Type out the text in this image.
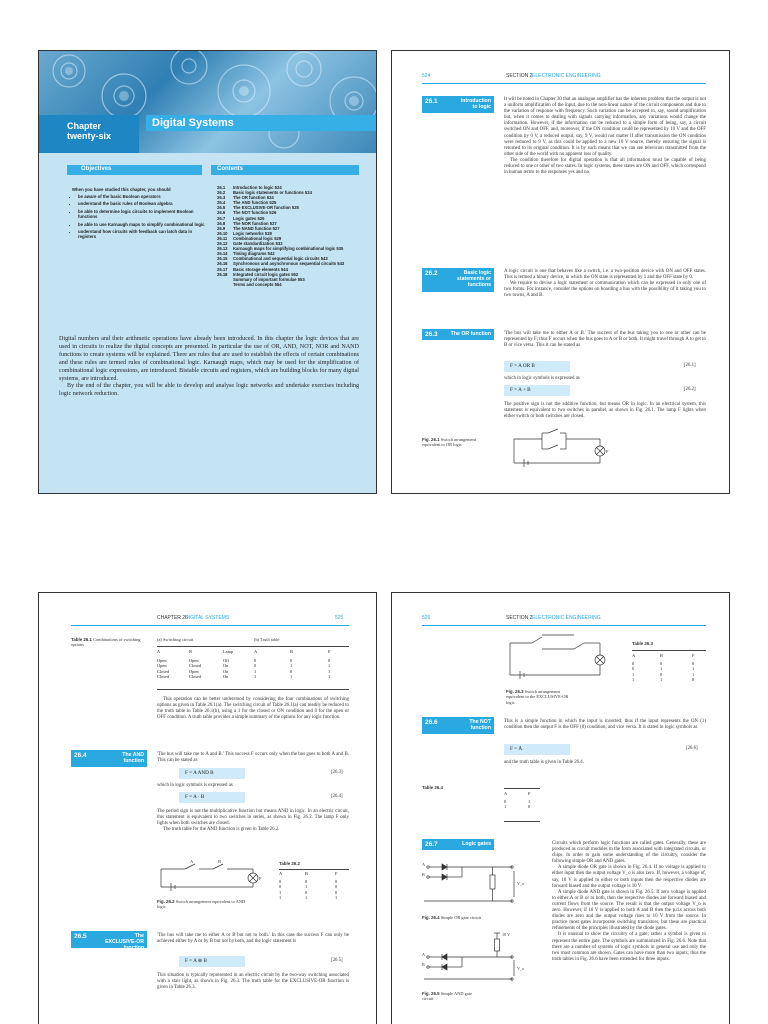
Chapter
twenty-six
Digital Systems
Objectives	Contents
When you have studied this chapter, you should
• be aware of the basic Boolean operators
• understand the basic rules of Boolean algebra
• be able to determine logic circuits to implement Boolean functions
• be able to use Karnaugh maps to simplify combinational logic
• understand how circuits with feedback can latch data in registers
26.1 Introduction to logic 524
26.2 Basic logic statements or functions 524
26.3 The OR function 524
26.4 The AND function 525
26.5 The EXCLUSIVE-OR function 525
26.6 The NOT function 526
26.7 Logic gates 526
26.8 The NOR function 527
26.9 The NAND function 527
26.10 Logic networks 528
26.11 Combinational logic 529
26.12 Gate standardization 532
26.13 Karnaugh maps for simplifying combinational logic 535
26.14 Timing diagrams 542
26.15 Combinational and sequential logic circuits 543
26.16 Synchronous and asynchronous sequential circuits 543
26.17 Basic storage elements 544
26.18 Integrated circuit logic gates 552
Summary of important formulae 553
Terms and concepts 554
Digital numbers and their arithmetic operations have already been introduced. In this chapter the logic devices that are used in circuits to realize the digital concepts are presented. In particular the use of OR, AND, NOT, NOR and NAND functions to create systems will be explained. There are rules that are used to establish the effects of certain combinations and these rules are termed rules of combinational logic. Karnaugh maps, which may be used for the simplification of combinational logic expressions, are introduced. Bistable circuits and registers, which are building blocks for many digital systems, are introduced.

By the end of the chapter, you will be able to develop and analyse logic networks and undertake exercises including logic network reduction.
524	SECTION 2 ELECTRONIC ENGINEERING
26.1	Introduction to logic
It will be noted in Chapter 30 that an analogue amplifier has the inherent problem that the output is not a uniform amplification of the input, due to the non-linear nature of the circuit components and due to the variation of response with frequency. Such variation can be accepted in, say, sound amplification but, when it comes to dealing with signals carrying information, any variations would change the information. However, if the information can be reduced to a simple form of being, say, a circuit switched ON and OFF, and, moreover, if the ON condition could be represented by 10 V and the OFF condition by 0 V, a reduced output, say, 9 V, would not matter if after transmission the ON condition were reduced to 9 V, as this could be applied to a new 10 V source, thereby ensuring the signal is returned to its original condition. It is by such means that we can see television transmitted from the other side of the world with no apparent loss of quality.
The condition therefore for digital operation is that all information must be capable of being reduced to one or other of two states. In logic systems, these states are ON and OFF, which correspond in human terms to the responses yes and no.
26.2	Basic logic statements or functions
A logic circuit is one that behaves like a switch, i.e. a two-position device with ON and OFF states. This is termed a binary device, in which the ON state is represented by 1 and the OFF state by 0.
We require to devise a logic statement or communication which can be expressed in only one of two forms. For instance, consider the options on boarding a bus with the possibility of it taking you to two towns, A and B.
26.3	The OR function	'The bus will take me to either A or B.' The success of the bus taking you to one or other can be represented by F; thus F occurs when the bus goes to A or B or both. It might travel through A to get to B or vice versa. This it can be stated as
F = A OR B	[26.1]
which in logic symbols is expressed as
F = A + B	[26.2]
The positive sign is not the additive function, but means OR in logic. In an electrical system, this statement is equivalent to two switches in parallel, as shown in Fig. 26.1. The lamp F lights when either switch or both switches are closed.
Fig. 26.1 Switch arrangement equivalent to OR logic
F
CHAPTER 26
DIGITAL SYSTEMS	525
Table 26.1 Combinations of switching options
(a) Switching circuit	(b) Truth table
A	B	Lamp

Open	Open	Off
Open	Closed	On
Closed	Open	On
Closed	Closed	On
A	B	F

0	0	0
0	1	1
1	0	1
1	1	1
This operation can be better understood by considering the four combinations of switching options as given in Table 26.1(a). The switching circuit of Table 26.1(a) can readily be reduced to the truth table in Table 26.1(b), using a 1 for the closed or ON condition and 0 for the open or OFF condition. A truth table provides a simple summary of the options for any logic function.
26.4	The AND function
'The bus will take me to A and B.' This success F occurs only when the bus goes to both A and B. This can be stated as
F = A AND B	[26.3]
which in logic symbols is expressed as
F = A · B	[26.4]
The period sign is not the multiplicative function but means AND in logic. In an electric circuit, this statement is equivalent to two switches in series, as shown in Fig. 26.2. The lamp F only lights when both switches are closed.
The truth table for the AND function is given in Table 26.2.
A	B
F
Fig. 26.2 Switch arrangement equivalent to AND logic
Table 26.2
A	B	F

0	0	0
0	1	0
1	0	0
1	1	1
26.5	The EXCLUSIVE-OR function
'The bus will take me to either A or B but not to both.' In this case the success F can only be achieved either by A or by B but not by both, and the logic statement is
F = A ⊕ B	[26.5]
This situation is typically represented in an electric circuit by the two-way switching associated with a stair light, as shown in Fig. 26.3. The truth table for the EXCLUSIVE-OR function is given in Table 26.3.
526	SECTION 2 ELECTRONIC ENGINEERING
Fig. 26.3 Switch arrangement equivalent to the EXCLUSIVE-OR logic
Table 26.3
A	B	F

0	0	0
0	1	1
1	0	1
1	1	0
26.6	The NOT function
This is a simple function in which the input is inverted; thus if the input represents the ON (1) condition then the output F is the OFF (0) condition, and vice versa. It is stated in logic symbols as
F = Ā	[26.6]
and the truth table is given in Table 26.4.
Table 26.4
A	F

0	1
1	0
26.7	Logic gates	Circuits which perform logic functions are called gates. Generally, these are produced as circuit modules in the form associated with integrated circuits, or chips. In order to gain some understanding of the circuitry, consider the following simple OR and AND gates.
A simple diode OR gate is shown in Fig. 26.4. If no voltage is applied to either input then the output voltage V_o is also zero. If, however, a voltage of, say, 10 V is applied to either or both inputs then the respective diodes are forward biased and the output voltage is 10 V.
A simple diode AND gate is shown in Fig. 26.5. If zero voltage is applied to either A or B or to both, then the respective diodes are forward biased and current flows from the source. The result is that the output voltage V_o is zero. However, if 10 V is applied to both A and B then the p.d.s across both diodes are zero and the output voltage rises to 10 V from the source. In practice most gates incorporate switching transistors, but these are practical refinements of the principles illustrated by the diode gates.
It is unusual to show the circuitry of a gate; rather a symbol is given to represent the entire gate. The symbols are summarized in Fig. 26.6. Note that there are a number of systems of logic symbols in general use and only the two most common are shown. Gates can have more than two inputs; thus the truth tables in Fig. 26.6 have been extended for three inputs.
A
B
V_o
Fig. 26.4 Simple OR gate circuit
10 V
A
B
V_o
Fig. 26.5 Simple AND gate circuit
